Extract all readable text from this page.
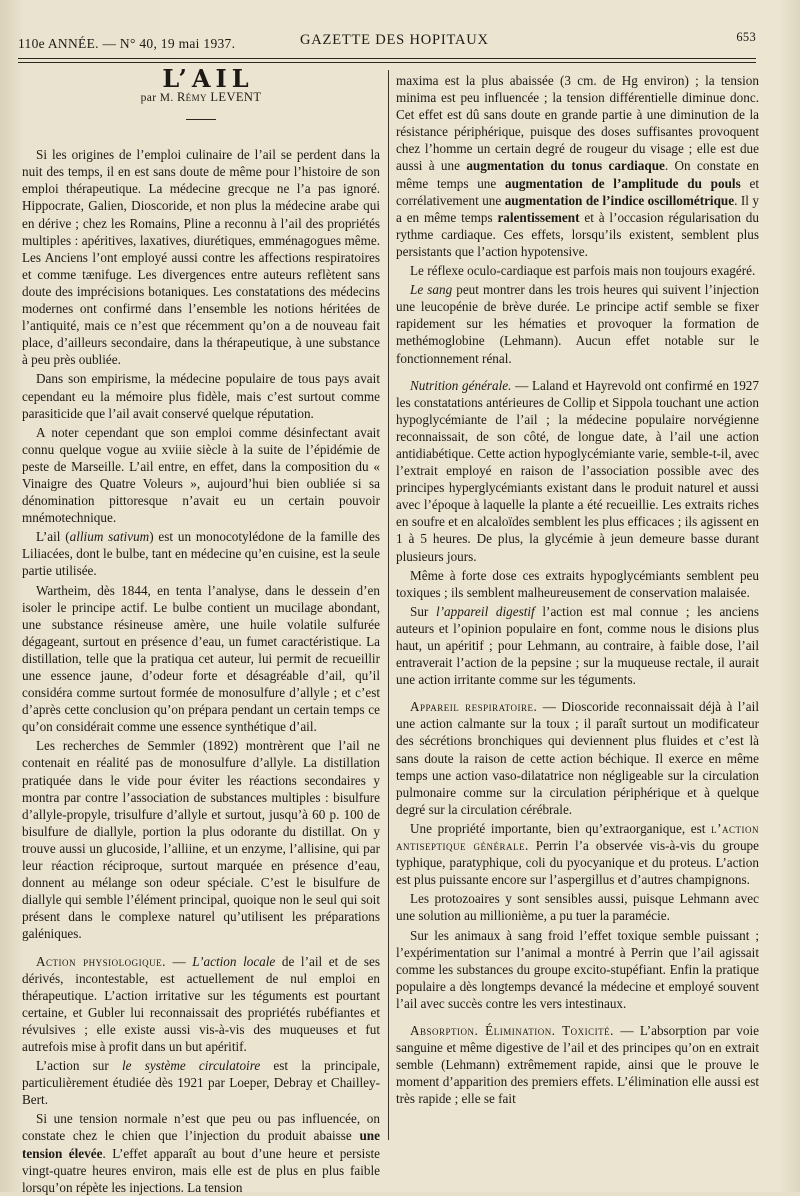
110e ANNÉE. — N° 40, 19 mai 1937.	GAZETTE DES HOPITAUX	653

L’AIL

par M. Rémy LEVENT

Si les origines de l’emploi culinaire de l’ail se perdent dans la nuit des temps, il en est sans doute de même pour l’histoire de son emploi thérapeutique. La médecine grecque ne l’a pas ignoré. Hippocrate, Galien, Dioscoride, et non plus la médecine arabe qui en dérive ; chez les Romains, Pline a reconnu à l’ail des propriétés multiples : apéritives, laxatives, diurétiques, emménagogues même. Les Anciens l’ont employé aussi contre les affections respiratoires et comme tænifuge. Les divergences entre auteurs reflètent sans doute des imprécisions botaniques. Les constatations des médecins modernes ont confirmé dans l’ensemble les notions héritées de l’antiquité, mais ce n’est que récemment qu’on a de nouveau fait place, d’ailleurs secondaire, dans la thérapeutique, à une substance à peu près oubliée.

Dans son empirisme, la médecine populaire de tous pays avait cependant eu la mémoire plus fidèle, mais c’est surtout comme parasiticide que l’ail avait conservé quelque réputation.

A noter cependant que son emploi comme désinfectant avait connu quelque vogue au xviiie siècle à la suite de l’épidémie de peste de Marseille. L’ail entre, en effet, dans la composition du « Vinaigre des Quatre Voleurs », aujourd’hui bien oubliée si sa dénomination pittoresque n’avait eu un certain pouvoir mnémotechnique.

L’ail (allium sativum) est un monocotylédone de la famille des Liliacées, dont le bulbe, tant en médecine qu’en cuisine, est la seule partie utilisée.

Wartheim, dès 1844, en tenta l’analyse, dans le dessein d’en isoler le principe actif. Le bulbe contient un mucilage abondant, une substance résineuse amère, une huile volatile sulfurée dégageant, surtout en présence d’eau, un fumet caractéristique. La distillation, telle que la pratiqua cet auteur, lui permit de recueillir une essence jaune, d’odeur forte et désagréable d’ail, qu’il considéra comme surtout formée de monosulfure d’allyle ; et c’est d’après cette conclusion qu’on prépara pendant un certain temps ce qu’on considérait comme une essence synthétique d’ail.

Les recherches de Semmler (1892) montrèrent que l’ail ne contenait en réalité pas de monosulfure d’allyle. La distillation pratiquée dans le vide pour éviter les réactions secondaires y montra par contre l’association de substances multiples : bisulfure d’allyle-propyle, trisulfure d’allyle et surtout, jusqu’à 60 p. 100 de bisulfure de diallyle, portion la plus odorante du distillat. On y trouve aussi un glucoside, l’alliine, et un enzyme, l’allisine, qui par leur réaction réciproque, surtout marquée en présence d’eau, donnent au mélange son odeur spéciale. C’est le bisulfure de diallyle qui semble l’élément principal, quoique non le seul qui soit présent dans le complexe naturel qu’utilisent les préparations galéniques.

Action physiologique. — L’action locale de l’ail et de ses dérivés, incontestable, est actuellement de nul emploi en thérapeutique. L’action irritative sur les téguments est pourtant certaine, et Gubler lui reconnaissait des propriétés rubéfiantes et révulsives ; elle existe aussi vis-à-vis des muqueuses et fut autrefois mise à profit dans un but apéritif.

L’action sur le système circulatoire est la principale, particulièrement étudiée dès 1921 par Loeper, Debray et Chailley-Bert.

Si une tension normale n’est que peu ou pas influencée, on constate chez le chien que l’injection du produit abaisse une tension élevée. L’effet apparaît au bout d’une heure et persiste vingt-quatre heures environ, mais elle est de plus en plus faible lorsqu’on répète les injections. La tension

maxima est la plus abaissée (3 cm. de Hg environ) ; la tension minima est peu influencée ; la tension différentielle diminue donc. Cet effet est dû sans doute en grande partie à une diminution de la résistance périphérique, puisque des doses suffisantes provoquent chez l’homme un certain degré de rougeur du visage ; elle est due aussi à une augmentation du tonus cardiaque. On constate en même temps une augmentation de l’amplitude du pouls et corrélativement une augmentation de l’indice oscillométrique. Il y a en même temps ralentissement et à l’occasion régularisation du rythme cardiaque. Ces effets, lorsqu’ils existent, semblent plus persistants que l’action hypotensive.

Le réflexe oculo-cardiaque est parfois mais non toujours exagéré.

Le sang peut montrer dans les trois heures qui suivent l’injection une leucopénie de brève durée. Le principe actif semble se fixer rapidement sur les hématies et provoquer la formation de methémoglobine (Lehmann). Aucun effet notable sur le fonctionnement rénal.

Nutrition générale. — Laland et Hayrevold ont confirmé en 1927 les constatations antérieures de Collip et Sippola touchant une action hypoglycémiante de l’ail ; la médecine populaire norvégienne reconnaissait, de son côté, de longue date, à l’ail une action antidiabétique. Cette action hypoglycémiante varie, semble-t-il, avec l’extrait employé en raison de l’association possible avec des principes hyperglycémiants existant dans le produit naturel et aussi avec l’époque à laquelle la plante a été recueillie. Les extraits riches en soufre et en alcaloïdes semblent les plus efficaces ; ils agissent en 1 à 5 heures. De plus, la glycémie à jeun demeure basse durant plusieurs jours.

Même à forte dose ces extraits hypoglycémiants semblent peu toxiques ; ils semblent malheureusement de conservation malaisée.

Sur l’appareil digestif l’action est mal connue ; les anciens auteurs et l’opinion populaire en font, comme nous le disions plus haut, un apéritif ; pour Lehmann, au contraire, à faible dose, l’ail entraverait l’action de la pepsine ; sur la muqueuse rectale, il aurait une action irritante comme sur les téguments.

Appareil respiratoire. — Dioscoride reconnaissait déjà à l’ail une action calmante sur la toux ; il paraît surtout un modificateur des sécrétions bronchiques qui deviennent plus fluides et c’est là sans doute la raison de cette action béchique. Il exerce en même temps une action vaso-dilatatrice non négligeable sur la circulation pulmonaire comme sur la circulation périphérique et à quelque degré sur la circulation cérébrale.

Une propriété importante, bien qu’extraorganique, est l’action antiseptique générale. Perrin l’a observée vis-à-vis du groupe typhique, paratyphique, coli du pyocyanique et du proteus. L’action est plus puissante encore sur l’aspergillus et d’autres champignons.

Les protozoaires y sont sensibles aussi, puisque Lehmann avec une solution au millionième, a pu tuer la paramécie.

Sur les animaux à sang froid l’effet toxique semble puissant ; l’expérimentation sur l’animal a montré à Perrin que l’ail agissait comme les substances du groupe excito-stupéfiant. Enfin la pratique populaire a dès longtemps devancé la médecine et employé souvent l’ail avec succès contre les vers intestinaux.

Absorption. Élimination. Toxicité. — L’absorption par voie sanguine et même digestive de l’ail et des principes qu’on en extrait semble (Lehmann) extrêmement rapide, ainsi que le prouve le moment d’apparition des premiers effets. L’élimination elle aussi est très rapide ; elle se fait
